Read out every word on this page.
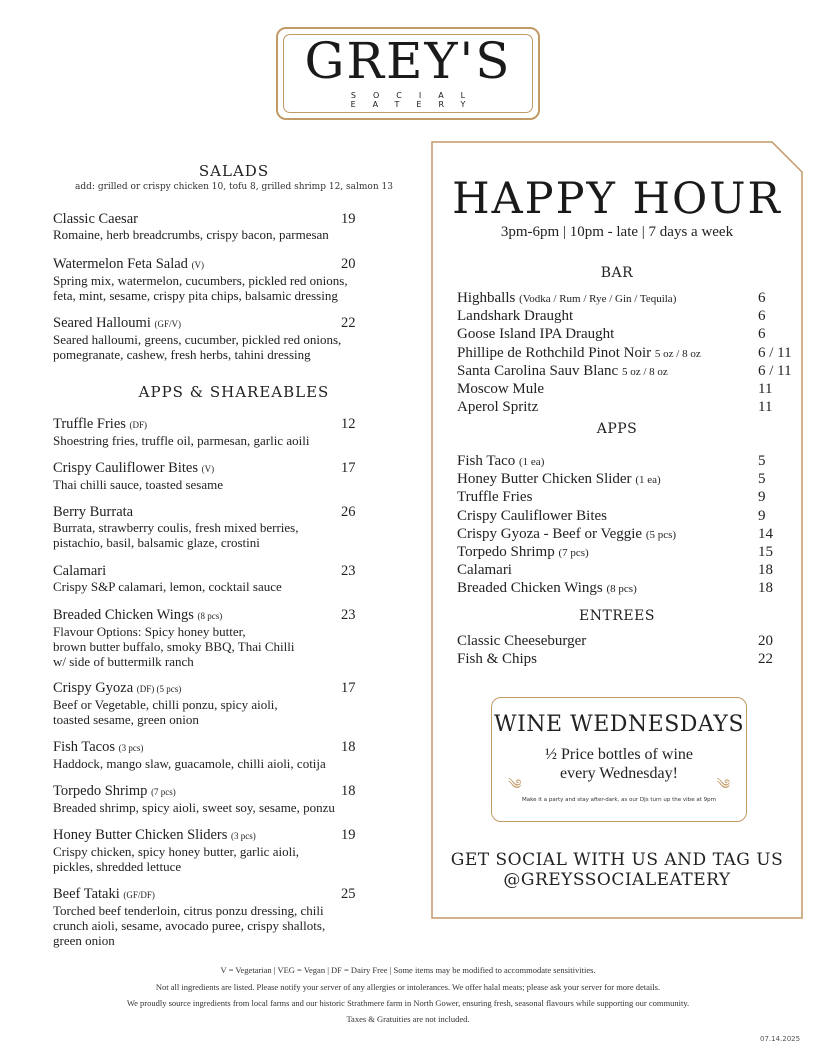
GREY'S
SOCIAL EATERY
SALADS
add: grilled or crispy chicken 10, tofu 8, grilled shrimp 12, salmon 13
Classic Caesar	19
Romaine, herb breadcrumbs, crispy bacon, parmesan
Watermelon Feta Salad (V)	20
Spring mix, watermelon, cucumbers, pickled red onions,
feta, mint, sesame, crispy pita chips, balsamic dressing
Seared Halloumi (GF/V)	22
Seared halloumi, greens, cucumber, pickled red onions,
pomegranate, cashew, fresh herbs, tahini dressing
APPS & SHAREABLES
Truffle Fries (DF)	12
Shoestring fries, truffle oil, parmesan, garlic aoili
Crispy Cauliflower Bites (V)	17
Thai chilli sauce, toasted sesame
Berry Burrata	26
Burrata, strawberry coulis, fresh mixed berries,
pistachio, basil, balsamic glaze, crostini
Calamari	23
Crispy S&P calamari, lemon, cocktail sauce
Breaded Chicken Wings (8 pcs)	23
Flavour Options: Spicy honey butter,
brown butter buffalo, smoky BBQ, Thai Chilli
w/ side of buttermilk ranch
Crispy Gyoza (DF) (5 pcs)	17
Beef or Vegetable, chilli ponzu, spicy aioli,
toasted sesame, green onion
Fish Tacos (3 pcs)	18
Haddock, mango slaw, guacamole, chilli aioli, cotija
Torpedo Shrimp (7 pcs)	18
Breaded shrimp, spicy aioli, sweet soy, sesame, ponzu
Honey Butter Chicken Sliders (3 pcs)	19
Crispy chicken, spicy honey butter, garlic aioli,
pickles, shredded lettuce
Beef Tataki (GF/DF)	25
Torched beef tenderloin, citrus ponzu dressing, chili
crunch aioli, sesame, avocado puree, crispy shallots,
green onion
HAPPY HOUR
3pm-6pm | 10pm - late | 7 days a week
BAR
Highballs (Vodka / Rum / Rye / Gin / Tequila)	6
Landshark Draught	6
Goose Island IPA Draught	6
Phillipe de Rothchild Pinot Noir 5 oz / 8 oz	6 / 11
Santa Carolina Sauv Blanc 5 oz / 8 oz	6 / 11
Moscow Mule	11
Aperol Spritz	11
APPS
Fish Taco (1 ea)	5
Honey Butter Chicken Slider (1 ea)	5
Truffle Fries	9
Crispy Cauliflower Bites	9
Crispy Gyoza - Beef or Veggie (5 pcs)	14
Torpedo Shrimp (7 pcs)	15
Calamari	18
Breaded Chicken Wings (8 pcs)	18
ENTREES
Classic Cheeseburger	20
Fish & Chips	22
WINE WEDNESDAYS
½ Price bottles of wine
༄
every Wednesday!
༄
Make it a party and stay after-dark, as our DJs turn up the vibe at 9pm
GET SOCIAL WITH US AND TAG US
@GREYSSOCIALEATERY
V = Vegetarian | VEG = Vegan | DF = Dairy Free | Some items may be modified to accommodate sensitivities.
Not all ingredients are listed. Please notify your server of any allergies or intolerances. We offer halal meats; please ask your server for more details.
We proudly source ingredients from local farms and our historic Strathmere farm in North Gower, ensuring fresh, seasonal flavours while supporting our community.
Taxes & Gratuities are not included.
07.14.2025
